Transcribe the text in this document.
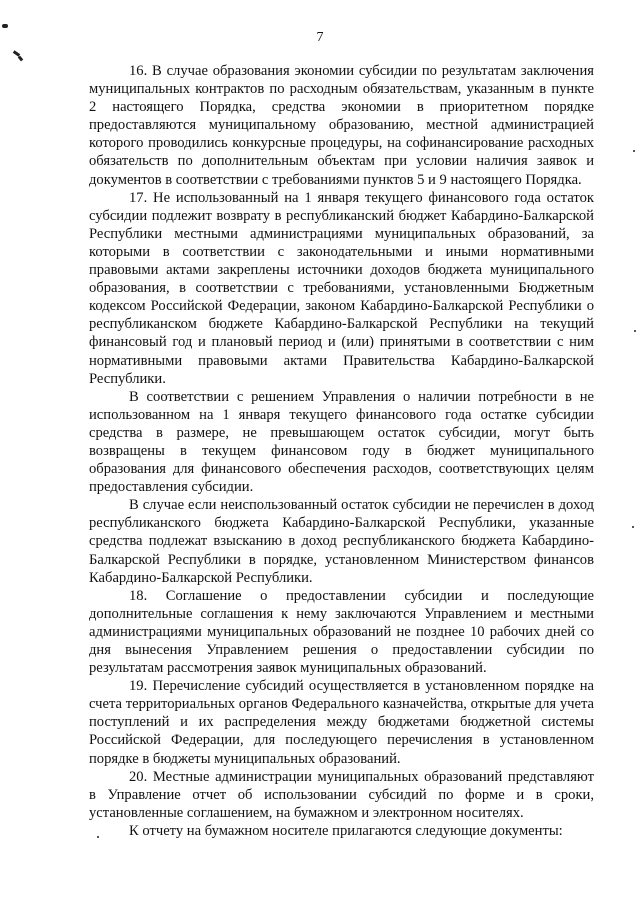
7

16. В случае образования экономии субсидии по результатам заключения муниципальных контрактов по расходным обязательствам, указанным в пункте 2 настоящего Порядка, средства экономии в приоритетном порядке предоставляются муниципальному образованию, местной администрацией которого проводились конкурсные процедуры, на софинансирование расходных обязательств по дополнительным объектам при условии наличия заявок и документов в соответствии с требованиями пунктов 5 и 9 настоящего Порядка.

17. Не использованный на 1 января текущего финансового года остаток субсидии подлежит возврату в республиканский бюджет Кабардино-Балкарской Республики местными администрациями муниципальных образований, за которыми в соответствии с законодательными и иными нормативными правовыми актами закреплены источники доходов бюджета муниципального образования, в соответствии с требованиями, установленными Бюджетным кодексом Российской Федерации, законом Кабардино-Балкарской Республики о республиканском бюджете Кабардино-Балкарской Республики на текущий финансовый год и плановый период и (или) принятыми в соответствии с ним нормативными правовыми актами Правительства Кабардино-Балкарской Республики.

В соответствии с решением Управления о наличии потребности в не использованном на 1 января текущего финансового года остатке субсидии средства в размере, не превышающем остаток субсидии, могут быть возвращены в текущем финансовом году в бюджет муниципального образования для финансового обеспечения расходов, соответствующих целям предоставления субсидии.

В случае если неиспользованный остаток субсидии не перечислен в доход республиканского бюджета Кабардино-Балкарской Республики, указанные средства подлежат взысканию в доход республиканского бюджета Кабардино-Балкарской Республики в порядке, установленном Министерством финансов Кабардино-Балкарской Республики.

18. Соглашение о предоставлении субсидии и последующие дополнительные соглашения к нему заключаются Управлением и местными администрациями муниципальных образований не позднее 10 рабочих дней со дня вынесения Управлением решения о предоставлении субсидии по результатам рассмотрения заявок муниципальных образований.

19. Перечисление субсидий осуществляется в установленном порядке на счета территориальных органов Федерального казначейства, открытые для учета поступлений и их распределения между бюджетами бюджетной системы Российской Федерации, для последующего перечисления в установленном порядке в бюджеты муниципальных образований.

20. Местные администрации муниципальных образований представляют в Управление отчет об использовании субсидий по форме и в сроки, установленные соглашением, на бумажном и электронном носителях.

К отчету на бумажном носителе прилагаются следующие документы:
